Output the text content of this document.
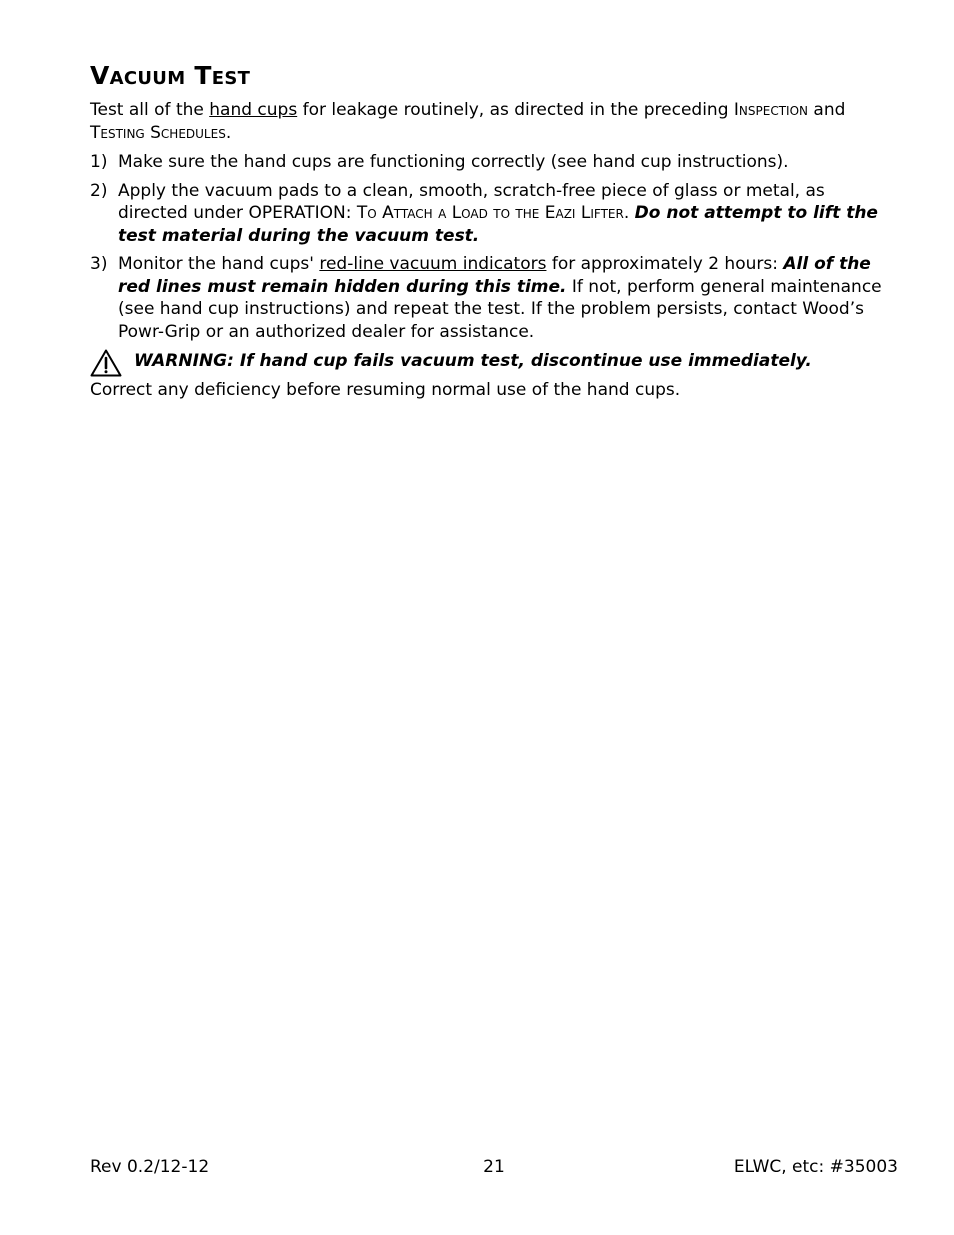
Vacuum Test

Test all of the hand cups for leakage routinely, as directed in the preceding Inspection and Testing Schedules.

1) Make sure the hand cups are functioning correctly (see hand cup instructions).
2) Apply the vacuum pads to a clean, smooth, scratch-free piece of glass or metal, as directed under OPERATION: To Attach a Load to the Eazi Lifter. Do not attempt to lift the test material during the vacuum test.
3) Monitor the hand cups' red-line vacuum indicators for approximately 2 hours: All of the red lines must remain hidden during this time. If not, perform general maintenance (see hand cup instructions) and repeat the test. If the problem persists, contact Wood’s Powr-Grip or an authorized dealer for assistance.
WARNING: If hand cup fails vacuum test, discontinue use immediately.

Correct any deficiency before resuming normal use of the hand cups.

Rev 0.2/12-12	21	ELWC, etc: #35003
